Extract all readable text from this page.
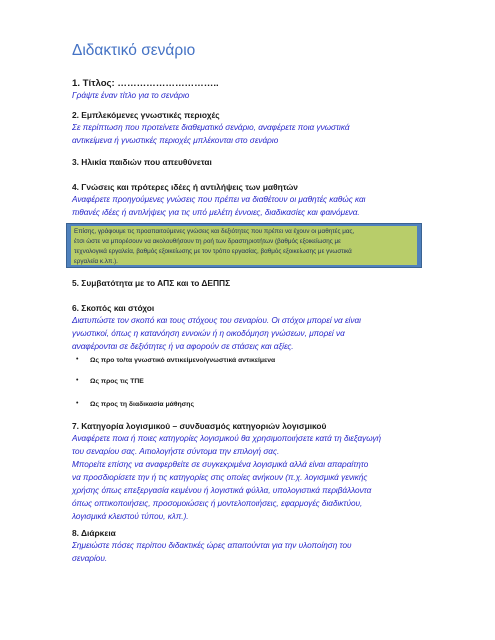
Διδακτικό σενάριο

1. Τίτλος: …………………………..

Γράψτε έναν τίτλο για το σενάριο

2. Εμπλεκόμενες γνωστικές περιοχές

Σε περίπτωση που προτείνετε διαθεματικό σενάριο, αναφέρετε ποια γνωστικά

αντικείμενα ή γνωστικές περιοχές μπλέκονται στο σενάριο

3. Ηλικία παιδιών που απευθύνεται

4. Γνώσεις και πρότερες ιδέες ή αντιλήψεις των μαθητών

Αναφέρετε προηγούμενες γνώσεις που πρέπει να διαθέτουν οι μαθητές καθώς και

πιθανές ιδέες ή αντιλήψεις για τις υπό μελέτη έννοιες, διαδικασίες και φαινόμενα.

Επίσης, γράφουμε τις προαπαιτούμενες γνώσεις και δεξιότητες που πρέπει να έχουν οι μαθητές μας,

έτσι ώστε να μπορέσουν να ακολουθήσουν τη ροή των δραστηριοτήτων (βαθμός εξοικείωσης με

τεχνολογικά εργαλεία, βαθμός εξοικείωσης με τον τρόπο εργασίας, βαθμός εξοικείωσης με γνωστικά

εργαλεία κ.λπ.).

5. Συμβατότητα με το ΑΠΣ και το ΔΕΠΠΣ

6. Σκοπός και στόχοι

Διατυπώστε τον σκοπό και τους στόχους του σεναρίου. Οι στόχοι μπορεί να είναι

γνωστικοί, όπως η κατανόηση εννοιών ή η οικοδόμηση γνώσεων, μπορεί να

αναφέρονται σε δεξιότητες ή να αφορούν σε στάσεις και αξίες.

• Ως προ το/τα γνωστικό αντικείμενο/γνωστικά αντικείμενα
• Ως προς τις ΤΠΕ
• Ως προς τη διαδικασία μάθησης

7. Κατηγορία λογισμικού – συνδυασμός κατηγοριών λογισμικού

Αναφέρετε ποια ή ποιες κατηγορίες λογισμικού θα χρησιμοποιήσετε κατά τη διεξαγωγή

του σεναρίου σας. Αιτιολογήστε σύντομα την επιλογή σας.

Μπορείτε επίσης να αναφερθείτε σε συγκεκριμένα λογισμικά αλλά είναι απαραίτητο

να προσδιορίσετε την ή τις κατηγορίες στις οποίες ανήκουν (π.χ. λογισμικά γενικής

χρήσης όπως επεξεργασία κειμένου ή λογιστικά φύλλα, υπολογιστικά περιβάλλοντα

όπως οπτικοποιήσεις, προσομοιώσεις ή μοντελοποιήσεις, εφαρμογές διαδικτύου,

λογισμικά κλειστού τύπου, κλπ.).

8. Διάρκεια

Σημειώστε πόσες περίπου διδακτικές ώρες απαιτούνται για την υλοποίηση του

σεναρίου.
